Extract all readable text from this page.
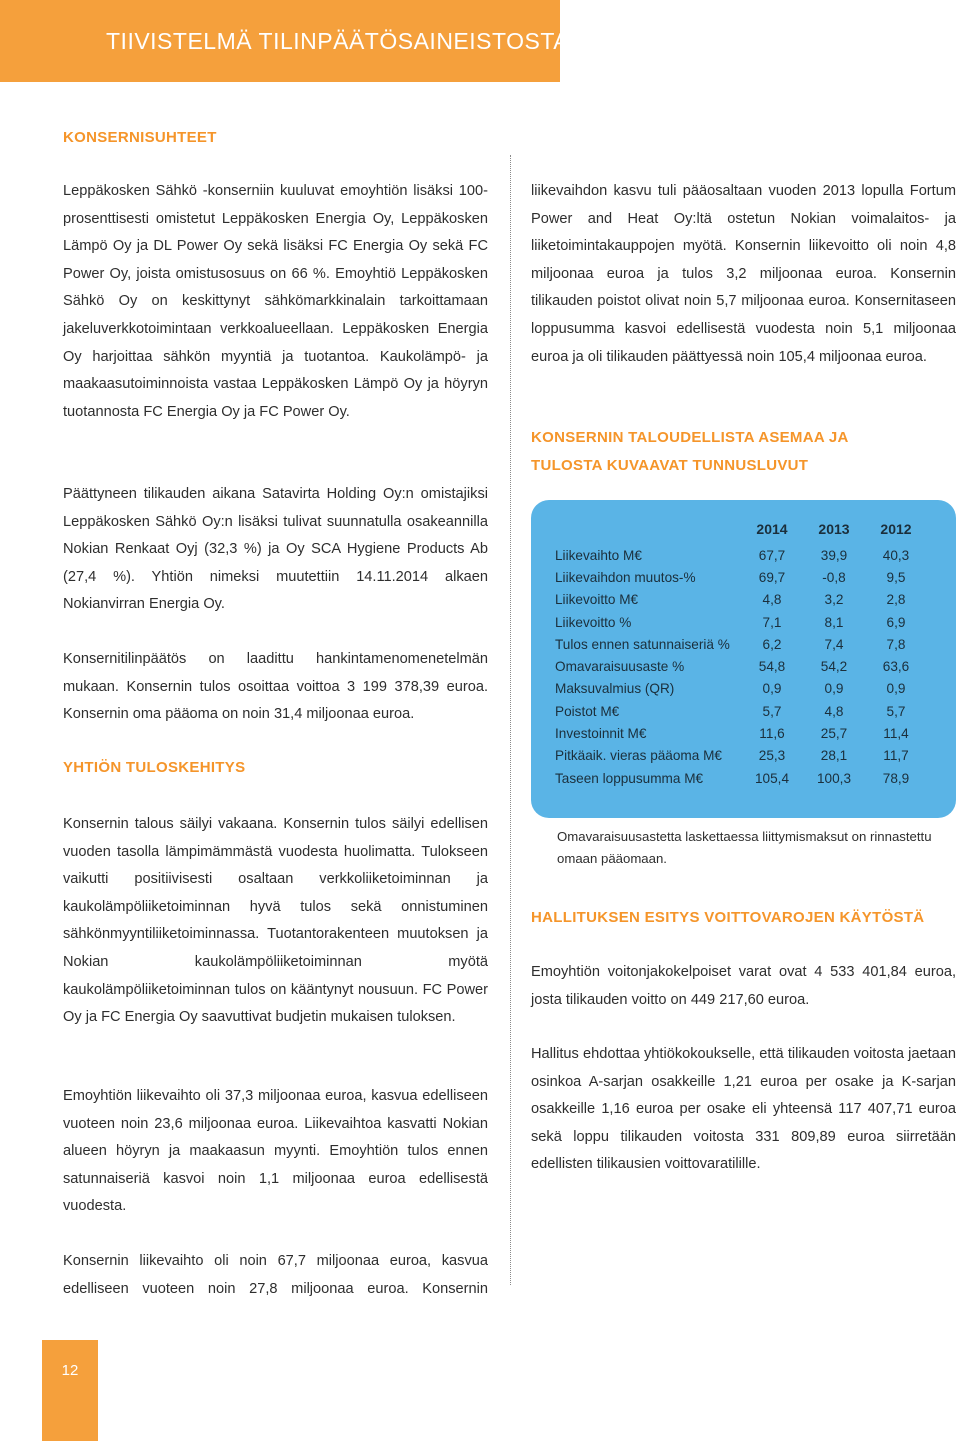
TIIVISTELMÄ TILINPÄÄTÖSAINEISTOSTA
KONSERNISUHTEET

Leppäkosken Sähkö -konserniin kuuluvat emoyhtiön lisäksi 100-prosenttisesti omistetut Leppäkosken Energia Oy, Leppäkosken Lämpö Oy ja DL Power Oy sekä lisäksi FC Energia Oy sekä FC Power Oy, joista omistusosuus on 66 %. Emoyhtiö Leppäkosken Sähkö Oy on keskittynyt sähkömarkkinalain tarkoittamaan jakeluverkkotoimintaan verkkoalueellaan. Leppäkosken Energia Oy harjoittaa sähkön myyntiä ja tuotantoa. Kaukolämpö- ja maakaasutoiminnoista vastaa Leppäkosken Lämpö Oy ja höyryn tuotannosta FC Energia Oy ja FC Power Oy.

Päättyneen tilikauden aikana Satavirta Holding Oy:n omistajiksi Leppäkosken Sähkö Oy:n lisäksi tulivat suunnatulla osakeannilla Nokian Renkaat Oyj (32,3 %) ja Oy SCA Hygiene Products Ab (27,4 %). Yhtiön nimeksi muutettiin 14.11.2014 alkaen Nokianvirran Energia Oy.

Konsernitilinpäätös on laadittu hankintamenomenetelmän mukaan. Konsernin tulos osoittaa voittoa 3 199 378,39 euroa. Konsernin oma pääoma on noin 31,4 miljoonaa euroa.

YHTIÖN TULOSKEHITYS

Konsernin talous säilyi vakaana. Konsernin tulos säilyi edellisen vuoden tasolla lämpimämmästä vuodesta huolimatta. Tulokseen vaikutti positiivisesti osaltaan verkkoliiketoiminnan ja kaukolämpöliiketoiminnan hyvä tulos sekä onnistuminen sähkönmyyntiliiketoiminnassa. Tuotantorakenteen muutoksen ja Nokian kaukolämpöliiketoiminnan myötä kaukolämpöliiketoiminnan tulos on kääntynyt nousuun. FC Power Oy ja FC Energia Oy saavuttivat budjetin mukaisen tuloksen.

Emoyhtiön liikevaihto oli 37,3 miljoonaa euroa, kasvua edelliseen vuoteen noin 23,6 miljoonaa euroa. Liikevaihtoa kasvatti Nokian alueen höyryn ja maakaasun myynti. Emoyhtiön tulos ennen satunnaiseriä kasvoi noin 1,1 miljoonaa euroa edellisestä vuodesta.

Konsernin liikevaihto oli noin 67,7 miljoonaa euroa, kasvua edelliseen vuoteen noin 27,8 miljoonaa euroa. Konsernin

liikevaihdon kasvu tuli pääosaltaan vuoden 2013 lopulla Fortum Power and Heat Oy:ltä ostetun Nokian voimalaitos- ja liiketoimintakauppojen myötä. Konsernin liikevoitto oli noin 4,8 miljoonaa euroa ja tulos 3,2 miljoonaa euroa. Konsernin tilikauden poistot olivat noin 5,7 miljoonaa euroa. Konsernitaseen loppusumma kasvoi edellisestä vuodesta noin 5,1 miljoonaa euroa ja oli tilikauden päättyessä noin 105,4 miljoonaa euroa.

KONSERNIN TALOUDELLISTA ASEMAA JA TULOSTA KUVAAVAT TUNNUSLUVUT
	2014	2013	2012
Liikevaihto M€	67,7	39,9	40,3
Liikevaihdon muutos-%	69,7	-0,8	9,5
Liikevoitto M€	4,8	3,2	2,8
Liikevoitto %	7,1	8,1	6,9
Tulos ennen satunnaiseriä %	6,2	7,4	7,8
Omavaraisuusaste %	54,8	54,2	63,6
Maksuvalmius (QR)	0,9	0,9	0,9
Poistot M€	5,7	4,8	5,7
Investoinnit M€	11,6	25,7	11,4
Pitkäaik. vieras pääoma M€	25,3	28,1	11,7
Taseen loppusumma M€	105,4	100,3	78,9
Omavaraisuusastetta laskettaessa liittymismaksut on rinnastettu omaan pääomaan.
HALLITUKSEN ESITYS VOITTOVAROJEN KÄYTÖSTÄ

Emoyhtiön voitonjakokelpoiset varat ovat 4 533 401,84 euroa, josta tilikauden voitto on 449 217,60 euroa.

Hallitus ehdottaa yhtiökokoukselle, että tilikauden voitosta jaetaan osinkoa A-sarjan osakkeille 1,21 euroa per osake ja K-sarjan osakkeille 1,16 euroa per osake eli yhteensä 117 407,71 euroa sekä loppu tilikauden voitosta 331 809,89 euroa siirretään edellisten tilikausien voittovaratilille.

12
